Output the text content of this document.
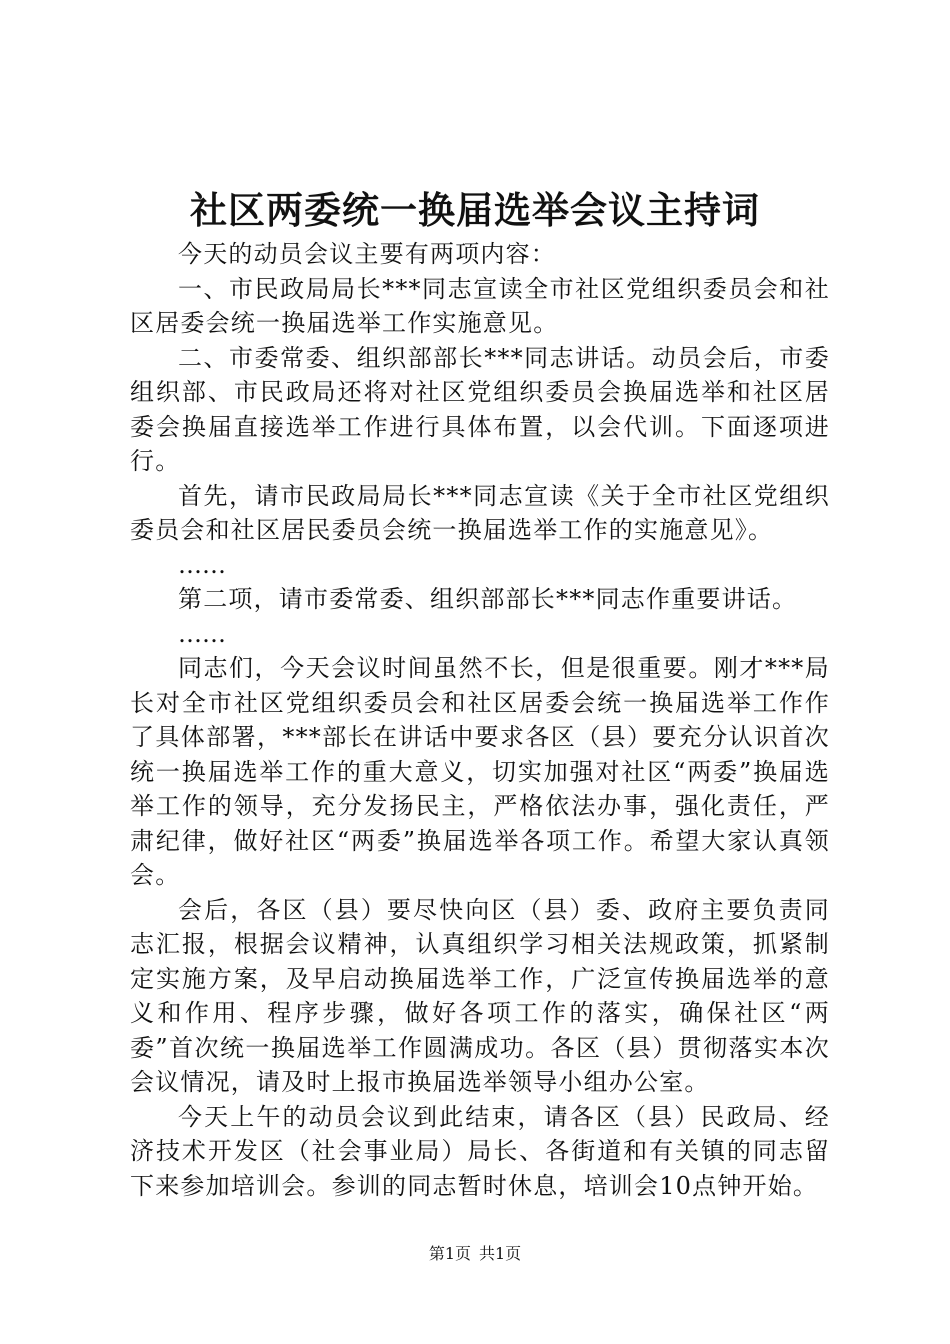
社区两委统一换届选举会议主持词

今天的动员会议主要有两项内容：

一、市民政局局长***同志宣读全市社区党组织委员会和社区居委会统一换届选举工作实施意见。

二、市委常委、组织部部长***同志讲话。动员会后，市委组织部、市民政局还将对社区党组织委员会换届选举和社区居委会换届直接选举工作进行具体布置，以会代训。下面逐项进行。

首先，请市民政局局长***同志宣读《关于全市社区党组织委员会和社区居民委员会统一换届选举工作的实施意见》。

……

第二项，请市委常委、组织部部长***同志作重要讲话。

……

同志们，今天会议时间虽然不长，但是很重要。刚才***局长对全市社区党组织委员会和社区居委会统一换届选举工作作了具体部署，***部长在讲话中要求各区（县）要充分认识首次统一换届选举工作的重大意义，切实加强对社区“两委”换届选举工作的领导，充分发扬民主，严格依法办事，强化责任，严肃纪律，做好社区“两委”换届选举各项工作。希望大家认真领会。

会后，各区（县）要尽快向区（县）委、政府主要负责同志汇报，根据会议精神，认真组织学习相关法规政策，抓紧制定实施方案，及早启动换届选举工作，广泛宣传换届选举的意义和作用、程序步骤，做好各项工作的落实，确保社区“两委”首次统一换届选举工作圆满成功。各区（县）贯彻落实本次会议情况，请及时上报市换届选举领导小组办公室。

今天上午的动员会议到此结束，请各区（县）民政局、经济技术开发区（社会事业局）局长、各街道和有关镇的同志留下来参加培训会。参训的同志暂时休息，培训会10点钟开始。

第1页 共1页
